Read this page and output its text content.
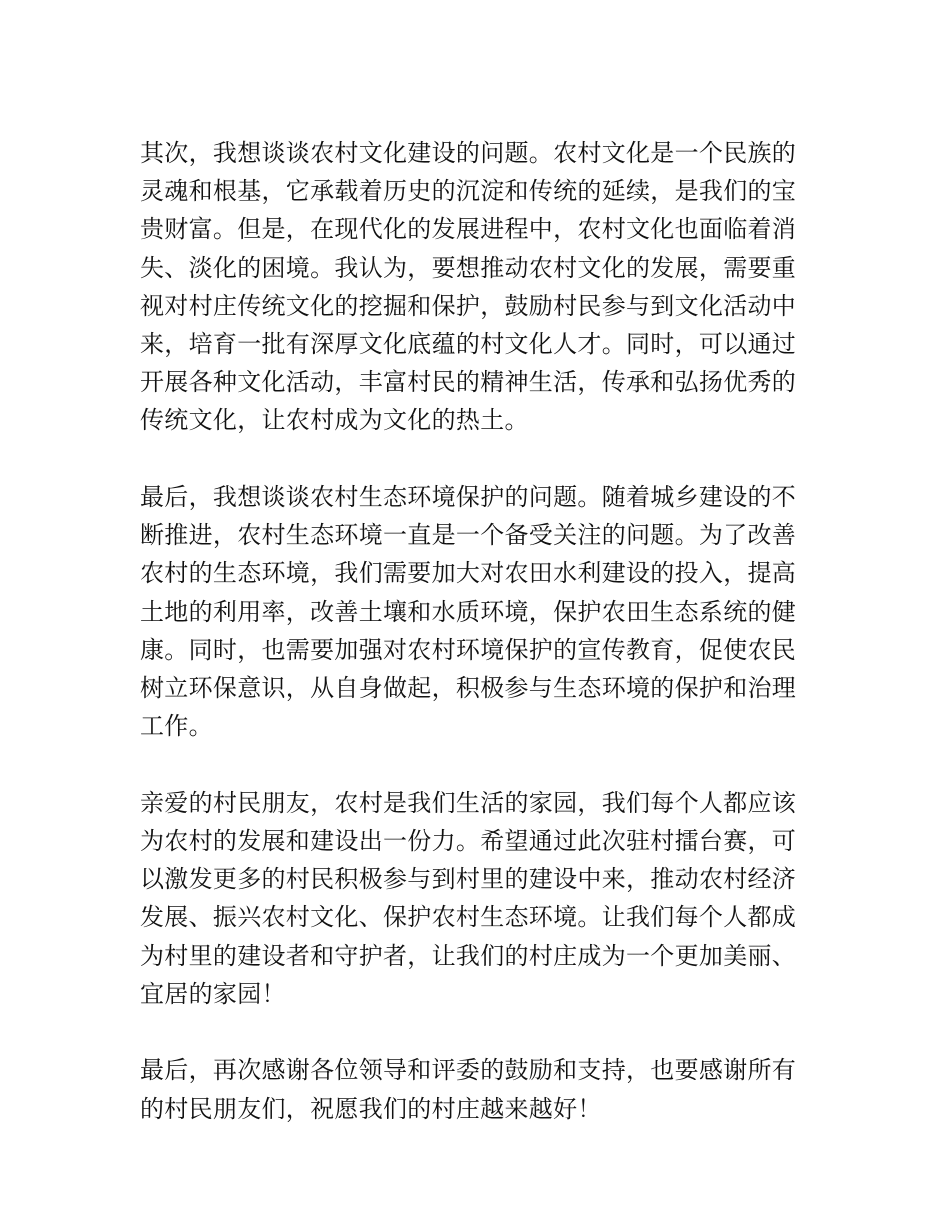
其次，我想谈谈农村文化建设的问题。农村文化是一个民族的
灵魂和根基，它承载着历史的沉淀和传统的延续，是我们的宝
贵财富。但是，在现代化的发展进程中，农村文化也面临着消
失、淡化的困境。我认为，要想推动农村文化的发展，需要重
视对村庄传统文化的挖掘和保护，鼓励村民参与到文化活动中
来，培育一批有深厚文化底蕴的村文化人才。同时，可以通过
开展各种文化活动，丰富村民的精神生活，传承和弘扬优秀的
传统文化，让农村成为文化的热土。

最后，我想谈谈农村生态环境保护的问题。随着城乡建设的不
断推进，农村生态环境一直是一个备受关注的问题。为了改善
农村的生态环境，我们需要加大对农田水利建设的投入，提高
土地的利用率，改善土壤和水质环境，保护农田生态系统的健
康。同时，也需要加强对农村环境保护的宣传教育，促使农民
树立环保意识，从自身做起，积极参与生态环境的保护和治理
工作。

亲爱的村民朋友，农村是我们生活的家园，我们每个人都应该
为农村的发展和建设出一份力。希望通过此次驻村擂台赛，可
以激发更多的村民积极参与到村里的建设中来，推动农村经济
发展、振兴农村文化、保护农村生态环境。让我们每个人都成
为村里的建设者和守护者，让我们的村庄成为一个更加美丽、
宜居的家园！

最后，再次感谢各位领导和评委的鼓励和支持，也要感谢所有
的村民朋友们，祝愿我们的村庄越来越好！
